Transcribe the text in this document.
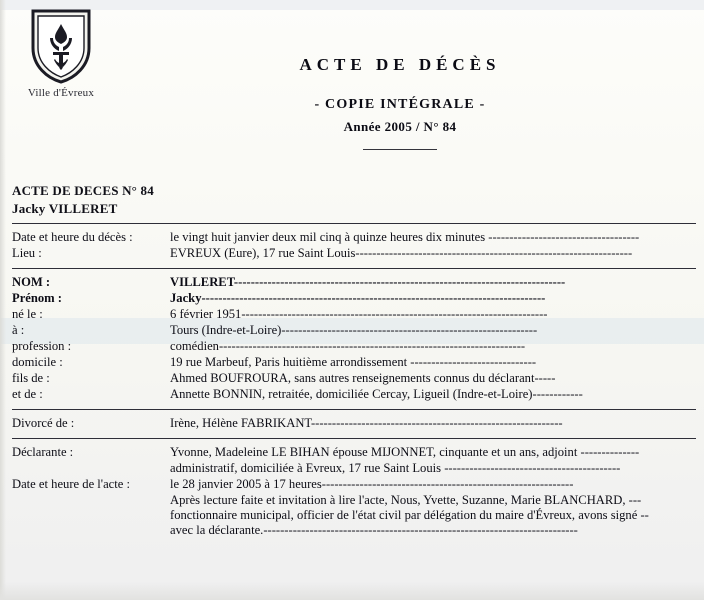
Ville d'Évreux
ACTE DE DÉCÈS
- COPIE INTÉGRALE -
Année 2005 / N° 84
ACTE DE DECES N° 84
Jacky VILLERET
Date et heure du décès :	le vingt huit janvier deux mil cinq à quinze heures dix minutes ------------------------------------
Lieu :	EVREUX (Eure), 17 rue Saint Louis------------------------------------------------------------------
NOM :	VILLERET-------------------------------------------------------------------------------
Prénom :	Jacky----------------------------------------------------------------------------------
né le :	6 février 1951-------------------------------------------------------------------------
à :	Tours (Indre-et-Loire)-------------------------------------------------------------
profession :	comédien-------------------------------------------------------------------------
domicile :	19 rue Marbeuf, Paris huitième arrondissement ------------------------------
fils de :	Ahmed BOUFROURA, sans autres renseignements connus du déclarant-----
et de :	Annette BONNIN, retraitée, domiciliée Cercay, Ligueil (Indre-et-Loire)------------
Divorcé de :	Irène, Hélène FABRIKANT------------------------------------------------------------
Déclarante :	Yvonne, Madeleine LE BIHAN épouse MIJONNET, cinquante et un ans, adjoint --------------
administratif, domiciliée à Evreux, 17 rue Saint Louis ------------------------------------------
Date et heure de l'acte :	le 28 janvier 2005 à 17 heures------------------------------------------------------------
Après lecture faite et invitation à lire l'acte, Nous, Yvette, Suzanne, Marie BLANCHARD, ---
fonctionnaire municipal, officier de l'état civil par délégation du maire d'Évreux, avons signé --
avec la déclarante.---------------------------------------------------------------------------
